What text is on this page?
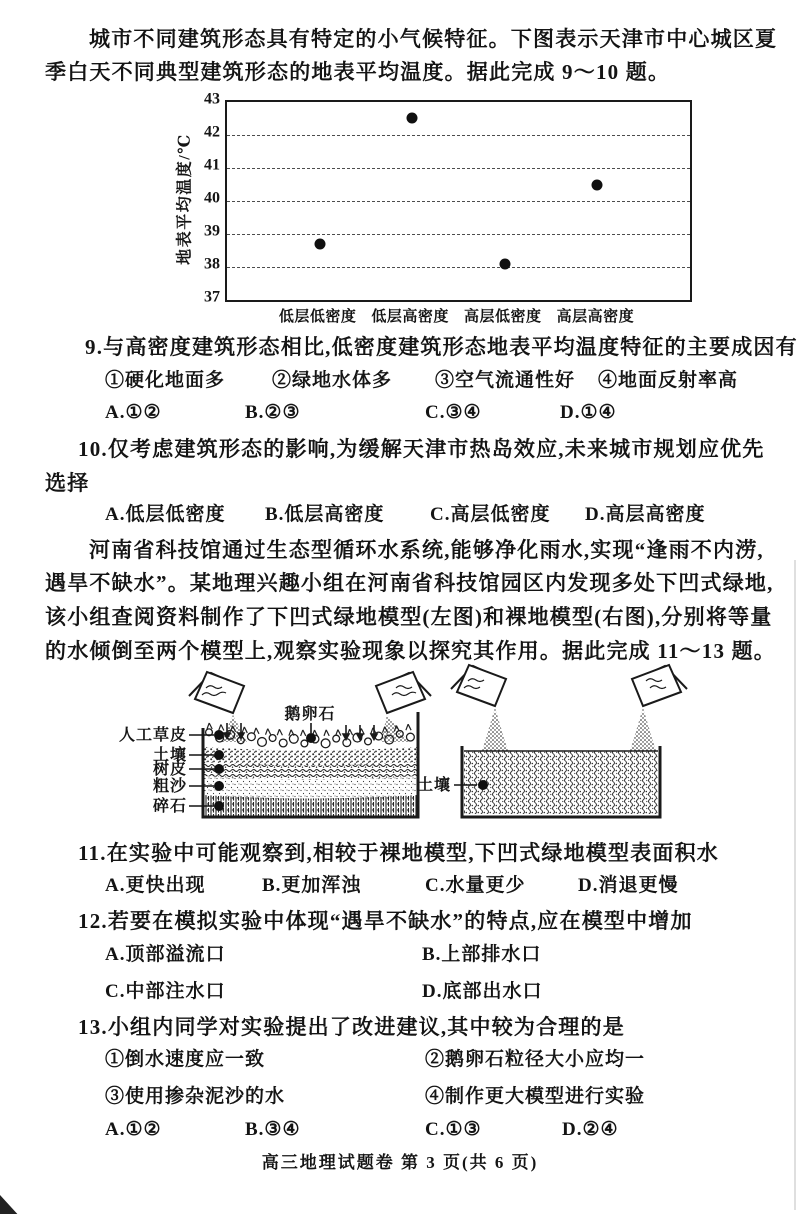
城市不同建筑形态具有特定的小气候特征。下图表示天津市中心城区夏
季白天不同典型建筑形态的地表平均温度。据此完成 9～10 题。
地表平均温度/℃
37
38
39
40
41
42
43
低层低密度 低层高密度 高层低密度 高层高密度
9.与高密度建筑形态相比,低密度建筑形态地表平均温度特征的主要成因有
①硬化地面多 ②绿地水体多 ③空气流通性好 ④地面反射率高
A.①②	B.②③	C.③④	D.①④
10.仅考虑建筑形态的影响,为缓解天津市热岛效应,未来城市规划应优先
选择
A.低层低密度 B.低层高密度 C.高层低密度 D.高层高密度
河南省科技馆通过生态型循环水系统,能够净化雨水,实现“逢雨不内涝,
遇旱不缺水”。某地理兴趣小组在河南省科技馆园区内发现多处下凹式绿地,
该小组查阅资料制作了下凹式绿地模型(左图)和裸地模型(右图),分别将等量
的水倾倒至两个模型上,观察实验现象以探究其作用。据此完成 11～13 题。
人工草皮
土壤
树皮
粗沙
碎石
鹅卵石
土壤
11.在实验中可能观察到,相较于裸地模型,下凹式绿地模型表面积水
A.更快出现	B.更加浑浊	C.水量更少	D.消退更慢
12.若要在模拟实验中体现“遇旱不缺水”的特点,应在模型中增加
A.顶部溢流口	B.上部排水口
C.中部注水口	D.底部出水口
13.小组内同学对实验提出了改进建议,其中较为合理的是
①倒水速度应一致	②鹅卵石粒径大小应均一
③使用掺杂泥沙的水	④制作更大模型进行实验
A.①②	B.③④	C.①③	D.②④
高三地理试题卷 第 3 页(共 6 页)
